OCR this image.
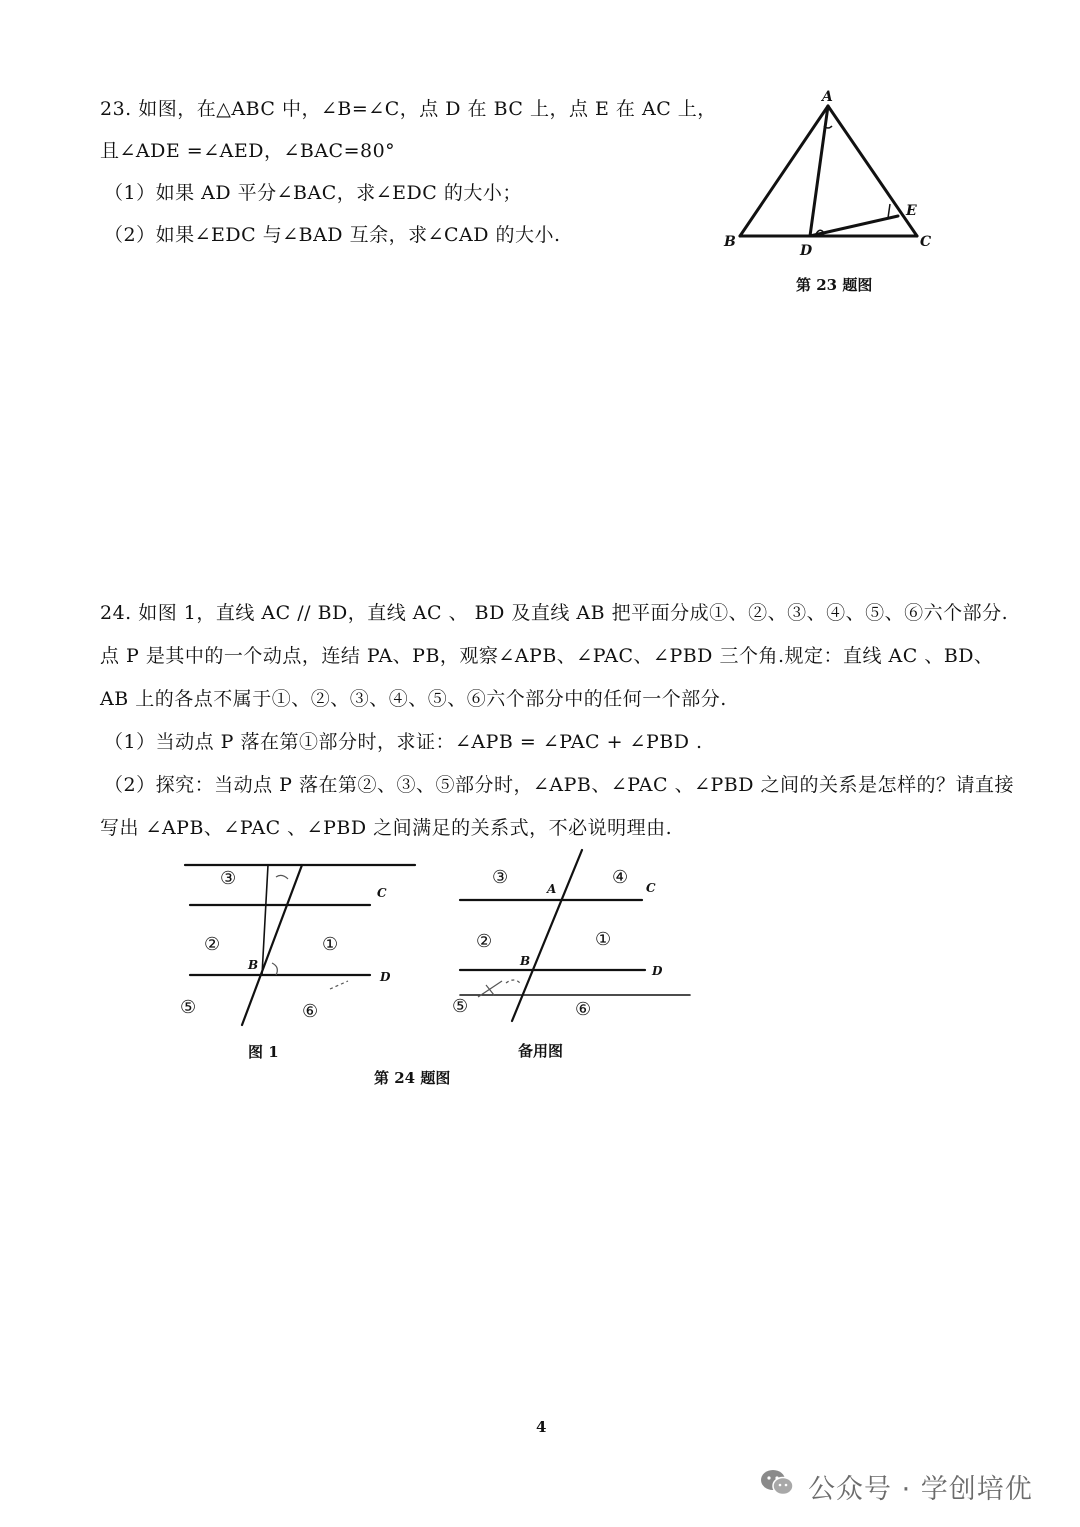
23. 如图，在△ABC 中，∠B=∠C，点 D 在 BC 上，点 E 在 AC 上，
且∠ADE =∠AED，∠BAC=80°
（1）如果 AD 平分∠BAC，求∠EDC 的大小；
（2）如果∠EDC 与∠BAD 互余，求∠CAD 的大小.
A
B	C
D
E
第 23 题图
24. 如图 1，直线 AC // BD，直线 AC 、 BD 及直线 AB 把平面分成①、②、③、④、⑤、⑥六个部分.
点 P 是其中的一个动点，连结 PA、PB，观察∠APB、∠PAC、∠PBD 三个角.规定：直线 AC 、BD、
AB 上的各点不属于①、②、③、④、⑤、⑥六个部分中的任何一个部分.
（1）当动点 P 落在第①部分时，求证：∠APB = ∠PAC + ∠PBD .
（2）探究：当动点 P 落在第②、③、⑤部分时，∠APB、∠PAC 、∠PBD 之间的关系是怎样的？请直接
写出 ∠APB、∠PAC 、∠PBD 之间满足的关系式，不必说明理由.
③
②	①
⑤	⑥
B
C
D
图 1
③	④
②	①
⑤	⑥
A
B
C
D
备用图
第 24 题图
4
公众号 · 学创培优
